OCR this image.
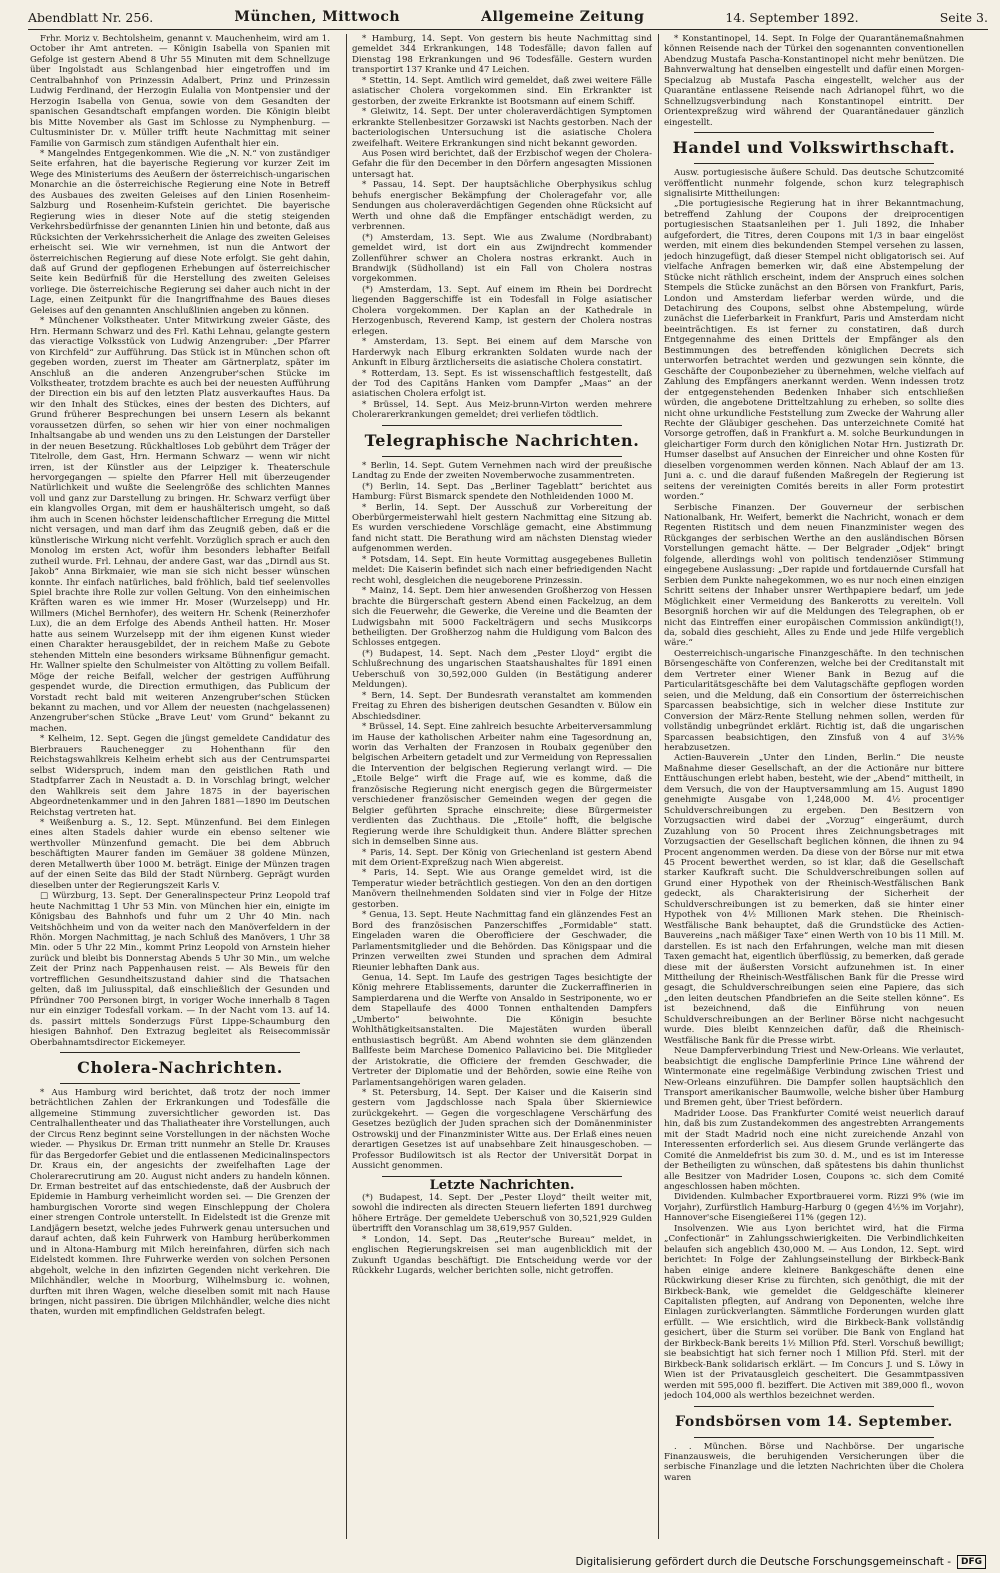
Abendblatt Nr. 256.	München, Mittwoch	Allgemeine Zeitung	14. September 1892.	Seite 3.

Frhr. Moriz v. Bechtolsheim, genannt v. Mauchenheim, wird am 1. October ihr Amt antreten. — Königin Isabella von Spanien mit Gefolge ist gestern Abend 8 Uhr 55 Minuten mit dem Schnellzuge über Ingolstadt aus Schlangenbad hier eingetroffen und im Centralbahnhof von Prinzessin Adalbert, Prinz und Prinzessin Ludwig Ferdinand, der Herzogin Eulalia von Montpensier und der Herzogin Isabella von Genua, sowie von dem Gesandten der spanischen Gesandtschaft empfangen worden. Die Königin bleibt bis Mitte November als Gast im Schlosse zu Nymphenburg. — Cultusminister Dr. v. Müller trifft heute Nachmittag mit seiner Familie von Garmisch zum ständigen Aufenthalt hier ein.

* Mangelndes Entgegenkommen. Wie die „N. N.“ von zuständiger Seite erfahren, hat die bayerische Regierung vor kurzer Zeit im Wege des Ministeriums des Aeußern der österreichisch-ungarischen Monarchie an die österreichische Regierung eine Note in Betreff des Ausbaues des zweiten Geleises auf den Linien Rosenheim-Salzburg und Rosenheim-Kufstein gerichtet. Die bayerische Regierung wies in dieser Note auf die stetig steigenden Verkehrsbedürfnisse der genannten Linien hin und betonte, daß aus Rücksichten der Verkehrssicherheit die Anlage des zweiten Geleises erheischt sei. Wie wir vernehmen, ist nun die Antwort der österreichischen Regierung auf diese Note erfolgt. Sie geht dahin, daß auf Grund der gepflogenen Erhebungen auf österreichischer Seite kein Bedürfniß für die Herstellung des zweiten Geleises vorliege. Die österreichische Regierung sei daher auch nicht in der Lage, einen Zeitpunkt für die Inangriffnahme des Baues dieses Geleises auf den genannten Anschlußlinien angeben zu können.

* Münchener Volkstheater. Unter Mitwirkung zweier Gäste, des Hrn. Hermann Schwarz und des Frl. Kathi Lehnau, gelangte gestern das vieractige Volksstück von Ludwig Anzengruber: „Der Pfarrer von Kirchfeld“ zur Aufführung. Das Stück ist in München schon oft gegeben worden, zuerst im Theater am Gärtnerplatz, später im Anschluß an die anderen Anzengruber'schen Stücke im Volkstheater, trotzdem brachte es auch bei der neuesten Aufführung der Direction ein bis auf den letzten Platz ausverkauftes Haus. Da wir den Inhalt des Stückes, eines der besten des Dichters, auf Grund früherer Besprechungen bei unsern Lesern als bekannt voraussetzen dürfen, so sehen wir hier von einer nochmaligen Inhaltsangabe ab und wenden uns zu den Leistungen der Darsteller in der neuen Besetzung. Rückhaltloses Lob gebührt dem Träger der Titelrolle, dem Gast, Hrn. Hermann Schwarz — wenn wir nicht irren, ist der Künstler aus der Leipziger k. Theaterschule hervorgegangen — spielte den Pfarrer Hell mit überzeugender Natürlichkeit und wußte die Seelengröße des schlichten Mannes voll und ganz zur Darstellung zu bringen. Hr. Schwarz verfügt über ein klangvolles Organ, mit dem er haushälterisch umgeht, so daß ihm auch in Scenen höchster leidenschaftlicher Erregung die Mittel nicht versagen, und man darf ihm das Zeugniß geben, daß er die künstlerische Wirkung nicht verfehlt. Vorzüglich sprach er auch den Monolog im ersten Act, wofür ihm besonders lebhafter Beifall zutheil wurde. Frl. Lehnau, der andere Gast, war das „Dirndl aus St. Jakob“ Anna Birkmaier, wie man sie sich nicht besser wünschen konnte. Ihr einfach natürliches, bald fröhlich, bald tief seelenvolles Spiel brachte ihre Rolle zur vollen Geltung. Von den einheimischen Kräften waren es wie immer Hr. Moser (Wurzelsepp) und Hr. Willmers (Michel Bernhofer), des weitern Hr. Schenk (Reinerzhofer Lux), die an dem Erfolge des Abends Antheil hatten. Hr. Moser hatte aus seinem Wurzelsepp mit der ihm eigenen Kunst wieder einen Charakter herausgebildet, der in reichem Maße zu Gebote stehenden Mitteln eine besonders wirksame Bühnenfigur gemacht. Hr. Wallner spielte den Schulmeister von Altötting zu vollem Beifall. Möge der reiche Beifall, welcher der gestrigen Aufführung gespendet wurde, die Direction ermuthigen, das Publicum der Vorstadt recht bald mit weiteren Anzengruber'schen Stücken bekannt zu machen, und vor Allem der neuesten (nachgelassenen) Anzengruber'schen Stücke „Brave Leut' vom Grund“ bekannt zu machen.

* Kelheim, 12. Sept. Gegen die jüngst gemeldete Candidatur des Bierbrauers Rauchenegger zu Hohenthann für den Reichstagswahlkreis Kelheim erhebt sich aus der Centrumspartei selbst Widerspruch, indem man den geistlichen Rath und Stadtpfarrer Zach in Neustadt a. D. in Vorschlag bringt, welcher den Wahlkreis seit dem Jahre 1875 in der bayerischen Abgeordnetenkammer und in den Jahren 1881—1890 im Deutschen Reichstag vertreten hat.

* Weißenburg a. S., 12. Sept. Münzenfund. Bei dem Einlegen eines alten Stadels dahier wurde ein ebenso seltener wie werthvoller Münzenfund gemacht. Die bei dem Abbruch beschäftigten Maurer fanden im Gemäuer 38 goldene Münzen, deren Metallwerth über 1000 M. beträgt. Einige der Münzen tragen auf der einen Seite das Bild der Stadt Nürnberg. Geprägt wurden dieselben unter der Regierungszeit Karls V.

□ Würzburg, 13. Sept. Der Generalinspecteur Prinz Leopold traf heute Nachmittag 1 Uhr 53 Min. von München hier ein, einigte im Königsbau des Bahnhofs und fuhr um 2 Uhr 40 Min. nach Veitshöchheim und von da weiter nach den Manöverfeldern in der Rhön. Morgen Nachmittag, je nach Schluß des Manövers, 1 Uhr 38 Min. oder 5 Uhr 22 Min., kommt Prinz Leopold von Arnstein hieher zurück und bleibt bis Donnerstag Abends 5 Uhr 30 Min., um welche Zeit der Prinz nach Pappenhausen reist. — Als Beweis für den vortrefflichen Gesundheitszustand dahier sind die Thatsachen gelten, daß im Juliusspital, daß einschließlich der Gesunden und Pfründner 700 Personen birgt, in voriger Woche innerhalb 8 Tagen nur ein einziger Todesfall vorkam. — In der Nacht vom 13. auf 14. ds. passirt mittels Sonderzugs Fürst Lippe-Schaumburg den hiesigen Bahnhof. Den Extrazug begleitet als Reisecommissär Oberbahnamtsdirector Eickemeyer.

Cholera-Nachrichten.

* Aus Hamburg wird berichtet, daß trotz der noch immer beträchtlichen Zahlen der Erkrankungen und Todesfälle die allgemeine Stimmung zuversichtlicher geworden ist. Das Centralhallentheater und das Thaliatheater ihre Vorstellungen, auch der Circus Renz beginnt seine Vorstellungen in der nächsten Woche wieder. — Physikus Dr. Erman tritt nunmehr an Stelle Dr. Krauses für das Bergedorfer Gebiet und die entlassenen Medicinalinspectors Dr. Kraus ein, der angesichts der zweifelhaften Lage der Cholerarecrutirung am 20. August nicht anders zu handeln können. Dr. Erman bestreitet auf das entschiedenste, daß der Ausbruch der Epidemie in Hamburg verheimlicht worden sei. — Die Grenzen der hamburgischen Vororte sind wegen Einschleppung der Cholera einer strengen Controle unterstellt. In Eidelstedt ist die Grenze mit Landjägern besetzt, welche jedes Fuhrwerk genau untersuchen und darauf achten, daß kein Fuhrwerk von Hamburg herüberkommen und in Altona-Hamburg mit Milch hereinfahren, dürfen sich nach Eidelstedt kommen. Ihre Fuhrwerke werden von solchen Personen abgeholt, welche in den infizirten Gegenden nicht verkehren. Die Milchhändler, welche in Moorburg, Wilhelmsburg ic. wohnen, durften mit ihren Wagen, welche dieselben somit mit nach Hause bringen, nicht passiren. Die übrigen Milchhändler, welche dies nicht thaten, wurden mit empfindlichen Geldstrafen belegt.

* Hamburg, 14. Sept. Von gestern bis heute Nachmittag sind gemeldet 344 Erkrankungen, 148 Todesfälle; davon fallen auf Dienstag 198 Erkrankungen und 96 Todesfälle. Gestern wurden transportirt 137 Kranke und 47 Leichen.

* Stettin, 14. Sept. Amtlich wird gemeldet, daß zwei weitere Fälle asiatischer Cholera vorgekommen sind. Ein Erkrankter ist gestorben, der zweite Erkrankte ist Bootsmann auf einem Schiff.

* Gleiwitz, 14. Sept. Der unter choleraverdächtigen Symptomen erkrankte Stellenbesitzer Gorzawski ist Nachts gestorben. Nach der bacteriologischen Untersuchung ist die asiatische Cholera zweifelhaft. Weitere Erkrankungen sind nicht bekannt geworden.

Aus Posen wird berichtet, daß der Erzbischof wegen der Cholera-Gefahr die für den December in den Dörfern angesagten Missionen untersagt hat.

* Passau, 14. Sept. Der hauptsächliche Oberphysikus schlug behufs energischer Bekämpfung der Choleragefahr vor, alle Sendungen aus choleraverdächtigen Gegenden ohne Rücksicht auf Werth und ohne daß die Empfänger entschädigt werden, zu verbrennen.

(*) Amsterdam, 13. Sept. Wie aus Zwalume (Nordbrabant) gemeldet wird, ist dort ein aus Zwijndrecht kommender Zollenführer schwer an Cholera nostras erkrankt. Auch in Brandwijk (Südholland) ist ein Fall von Cholera nostras vorgekommen.

(*) Amsterdam, 13. Sept. Auf einem im Rhein bei Dordrecht liegenden Baggerschiffe ist ein Todesfall in Folge asiatischer Cholera vorgekommen. Der Kaplan an der Kathedrale in Herzogenbusch, Reverend Kamp, ist gestern der Cholera nostras erlegen.

* Amsterdam, 13. Sept. Bei einem auf dem Marsche von Harderwyk nach Elburg erkrankten Soldaten wurde nach der Ankunft in Elburg ärztlicherseits die asiatische Cholera constatirt.

* Rotterdam, 13. Sept. Es ist wissenschaftlich festgestellt, daß der Tod des Capitäns Hanken vom Dampfer „Maas“ an der asiatischen Cholera erfolgt ist.

* Brüssel, 14. Sept. Aus Meiz-brunn-Virton werden mehrere Cholerarerkrankungen gemeldet; drei verliefen tödtlich.

Telegraphische Nachrichten.

* Berlin, 14. Sept. Gutem Vernehmen nach wird der preußische Landtag zu Ende der zweiten Novemberwoche zusammentreten.

(*) Berlin, 14. Sept. Das „Berliner Tageblatt“ berichtet aus Hamburg: Fürst Bismarck spendete den Nothleidenden 1000 M.

* Berlin, 14. Sept. Der Ausschuß zur Vorbereitung der Oberbürgermeisterwahl hielt gestern Nachmittag eine Sitzung ab. Es wurden verschiedene Vorschläge gemacht, eine Abstimmung fand nicht statt. Die Berathung wird am nächsten Dienstag wieder aufgenommen werden.

* Potsdam, 14. Sept. Ein heute Vormittag ausgegebenes Bulletin meldet: Die Kaiserin befindet sich nach einer befriedigenden Nacht recht wohl, desgleichen die neugeborene Prinzessin.

* Mainz, 14. Sept. Dem hier anwesenden Großherzog von Hessen brachte die Bürgerschaft gestern Abend einen Fackelzug, an dem sich die Feuerwehr, die Gewerke, die Vereine und die Beamten der Ludwigsbahn mit 5000 Fackelträgern und sechs Musikcorps betheiligten. Der Großherzog nahm die Huldigung vom Balcon des Schlosses entgegen.

(*) Budapest, 14. Sept. Nach dem „Pester Lloyd“ ergibt die Schlußrechnung des ungarischen Staatshaushaltes für 1891 einen Ueberschuß von 30,592,000 Gulden (in Bestätigung anderer Meldungen).

* Bern, 14. Sept. Der Bundesrath veranstaltet am kommenden Freitag zu Ehren des bisherigen deutschen Gesandten v. Bülow ein Abschiedsdiner.

* Brüssel, 14. Sept. Eine zahlreich besuchte Arbeiterversammlung im Hause der katholischen Arbeiter nahm eine Tagesordnung an, worin das Verhalten der Franzosen in Roubaix gegenüber den belgischen Arbeitern getadelt und zur Vermeidung von Repressalien die Intervention der belgischen Regierung verlangt wird. — Die „Etoile Belge“ wirft die Frage auf, wie es komme, daß die französische Regierung nicht energisch gegen die Bürgermeister verschiedener französischer Gemeinden wegen der gegen die Belgier geführten Sprache einschreite; diese Bürgermeister verdienten das Zuchthaus. Die „Etoile“ hofft, die belgische Regierung werde ihre Schuldigkeit thun. Andere Blätter sprechen sich in demselben Sinne aus.

* Paris, 14. Sept. Der König von Griechenland ist gestern Abend mit dem Orient-Expreßzug nach Wien abgereist.

* Paris, 14. Sept. Wie aus Orange gemeldet wird, ist die Temperatur wieder beträchtlich gestiegen. Von den an den dortigen Manövern theilnehmenden Soldaten sind vier in Folge der Hitze gestorben.

* Genua, 13. Sept. Heute Nachmittag fand ein glänzendes Fest an Bord des französischen Panzerschiffes „Formidable“ statt. Eingeladen waren die Oberofficiere der Geschwader, die Parlamentsmitglieder und die Behörden. Das Königspaar und die Prinzen verweilten zwei Stunden und sprachen dem Admiral Rieunier lebhaften Dank aus.

Genua, 14. Sept. Im Laufe des gestrigen Tages besichtigte der König mehrere Etablissements, darunter die Zuckerraffinerien in Sampierdarena und die Werfte von Ansaldo in Sestriponente, wo er dem Stapellaufe des 4000 Tonnen enthaltenden Dampfers „Umberto“ beiwohnte. Die Königin besuchte Wohlthätigkeitsanstalten. Die Majestäten wurden überall enthusiastisch begrüßt. Am Abend wohnten sie dem glänzenden Ballfeste beim Marchese Domenico Pallavicino bei. Die Mitglieder der Aristokratie, die Officiere der fremden Geschwader, die Vertreter der Diplomatie und der Behörden, sowie eine Reihe von Parlamentsangehörigen waren geladen.

* St. Petersburg, 14. Sept. Der Kaiser und die Kaiserin sind gestern vom Jagdschlosse nach Spala über Skierniewice zurückgekehrt. — Gegen die vorgeschlagene Verschärfung des Gesetzes bezüglich der Juden sprachen sich der Domänenminister Ostrowskij und der Finanzminister Witte aus. Der Erlaß eines neuen derartigen Gesetzes ist auf unabsehbare Zeit hinausgeschoben. — Professor Budilowitsch ist als Rector der Universität Dorpat in Aussicht genommen.

Letzte Nachrichten.

(*) Budapest, 14. Sept. Der „Pester Lloyd“ theilt weiter mit, sowohl die indirecten als directen Steuern lieferten 1891 durchweg höhere Erträge. Der gemeldete Ueberschuß von 30,521,929 Gulden übertrifft den Voranschlag um 38,619,957 Gulden.

* London, 14. Sept. Das „Reuter'sche Bureau“ meldet, in englischen Regierungskreisen sei man augenblicklich mit der Zukunft Ugandas beschäftigt. Die Entscheidung werde vor der Rückkehr Lugards, welcher berichten solle, nicht getroffen.

* Konstantinopel, 14. Sept. In Folge der Quarantänemaßnahmen können Reisende nach der Türkei den sogenannten conventionellen Abendzug Mustafa Pascha-Konstantinopel nicht mehr benützen. Die Bahnverwaltung hat denselben eingestellt und dafür einen Morgen-Specialzug ab Mustafa Pascha eingestellt, welcher aus der Quarantäne entlassene Reisende nach Adrianopel führt, wo die Schnellzugsverbindung nach Konstantinopel eintritt. Der Orientexpreßzug wird während der Quarantänedauer gänzlich eingestellt.

Handel und Volkswirthschaft.

Ausw. portugiesische äußere Schuld. Das deutsche Schutzcomité veröffentlicht nunmehr folgende, schon kurz telegraphisch signalisirte Mittheilungen:

„Die portugiesische Regierung hat in ihrer Bekanntmachung, betreffend Zahlung der Coupons der dreiprocentigen portugiesischen Staatsanleihen per 1. Juli 1892, die Inhaber aufgefordert, die Titres, deren Coupons mit 1/3 in baar eingelöst werden, mit einem dies bekundenden Stempel versehen zu lassen, jedoch hinzugefügt, daß dieser Stempel nicht obligatorisch sei. Auf vielfache Anfragen bemerken wir, daß eine Abstempelung der Stücke nicht räthlich erscheint, indem der Anspruch eines solchen Stempels die Stücke zunächst an den Börsen von Frankfurt, Paris, London und Amsterdam lieferbar werden würde, und die Detachirung des Coupons, selbst ohne Abstempelung, würde zunächst die Lieferbarkeit in Frankfurt, Paris und Amsterdam nicht beeinträchtigen. Es ist ferner zu constatiren, daß durch Entgegennahme des einen Drittels der Empfänger als den Bestimmungen des betreffenden königlichen Decrets sich unterworfen betrachtet werden und gezwungen sein könnte, die Geschäfte der Couponbezieher zu übernehmen, welche vielfach auf Zahlung des Empfängers anerkannt werden. Wenn indessen trotz der entgegenstehenden Bedenken Inhaber sich entschließen würden, die angebotene Dritteltzahlung zu erheben, so sollte dies nicht ohne urkundliche Feststellung zum Zwecke der Wahrung aller Rechte der Gläubiger geschehen. Das unterzeichnete Comité hat Vorsorge getroffen, daß in Frankfurt a. M. solche Beurkundungen in gleichartiger Form durch den königlichen Notar Hrn. Justizrath Dr. Humser daselbst auf Ansuchen der Einreicher und ohne Kosten für dieselben vorgenommen werden können. Nach Ablauf der am 13. Juni a. c. und die darauf fußenden Maßregeln der Regierung ist seitens der vereinigten Comités bereits in aller Form protestirt worden.“

Serbische Finanzen. Der Gouverneur der serbischen Nationalbank, Hr. Weifert, bemerkt die Nachricht, wonach er dem Regenten Ristitsch und dem neuen Finanzminister wegen des Rückganges der serbischen Werthe an den ausländischen Börsen Vorstellungen gemacht hätte. — Der Belgrader „Odjek“ bringt folgende, allerdings wohl von politisch tendenziöser Stimmung eingegebene Auslassung: „Der rapide und fortdauernde Cursfall hat Serbien dem Punkte nahegekommen, wo es nur noch einen einzigen Schritt seitens der Inhaber unsrer Werthpapiere bedarf, um jede Möglichkeit einer Vermeidung des Bankerotts zu vereiteln. Voll Besorgniß horchen wir auf die Meldungen des Telegraphen, ob er nicht das Eintreffen einer europäischen Commission ankündigt(!), da, sobald dies geschieht, Alles zu Ende und jede Hilfe vergeblich wäre.“

Oesterreichisch-ungarische Finanzgeschäfte. In den technischen Börsengeschäfte von Conferenzen, welche bei der Creditanstalt mit dem Vertreter einer Wiener Bank in Bezug auf die Particularitätsgeschäfte bei dem Valutagschäfte gepflogen worden seien, und die Meldung, daß ein Consortium der österreichischen Sparcassen beabsichtige, sich in welcher diese Institute zur Conversion der März-Rente Stellung nehmen sollen, werden für vollständig unbegründet erklärt. Richtig ist, daß die ungarischen Sparcassen beabsichtigen, den Zinsfuß von 4 auf 3½% herabzusetzen.

Actien-Bauverein „Unter den Linden, Berlin.“ Die neuste Maßnahme dieser Gesellschaft, an der die Actionäre nur bittere Enttäuschungen erlebt haben, besteht, wie der „Abend“ mittheilt, in dem Versuch, die von der Hauptversammlung am 15. August 1890 genehmigte Ausgabe von 1,248,000 M. 4½ procentiger Schuldverschreibungen zu ergeben. Den Besitzern von Vorzugsactien wird dabei der „Vorzug“ eingeräumt, durch Zuzahlung von 50 Procent ihres Zeichnungsbetrages mit Vorzugsactien der Gesellschaft beglichen können, die ihnen zu 94 Procent angenommen werden. Da diese von der Börse nur mit etwa 45 Procent bewerthet werden, so ist klar, daß die Gesellschaft starker Kaufkraft sucht. Die Schuldverschreibungen sollen auf Grund einer Hypothek von der Rheinisch-Westfälischen Bank gedeckt, als Charakterisirung der Sicherheit der Schuldverschreibungen ist zu bemerken, daß sie hinter einer Hypothek von 4½ Millionen Mark stehen. Die Rheinisch-Westfälische Bank behauptet, daß die Grundstücke des Actien-Bauvereins „nach mäßiger Taxe“ einen Werth von 10 bis 11 Mill. M. darstellen. Es ist nach den Erfahrungen, welche man mit diesen Taxen gemacht hat, eigentlich überflüssig, zu bemerken, daß gerade diese mit der äußersten Vorsicht aufzunehmen ist. In einer Mittheilung der Rheinisch-Westfälischen Bank für die Presse wird gesagt, die Schuldverschreibungen seien eine Papiere, das sich „den leiten deutschen Pfandbriefen an die Seite stellen könne“. Es ist bezeichnend, daß die Einführung von neuen Schuldverschreibungen an der Berliner Börse nicht nachgesucht wurde. Dies bleibt Kennzeichen dafür, daß die Rheinisch-Westfälische Bank für die Presse wirbt.

Neue Dampferverbindung Triest und New-Orleans. Wie verlautet, beabsichtigt die englische Dampferlinie Prince Line während der Wintermonate eine regelmäßige Verbindung zwischen Triest und New-Orleans einzuführen. Die Dampfer sollen hauptsächlich den Transport amerikanischer Baumwolle, welche bisher über Hamburg und Bremen geht, über Triest befördern.

Madrider Loose. Das Frankfurter Comité weist neuerlich darauf hin, daß bis zum Zustandekommen des angestrebten Arrangements mit der Stadt Madrid noch eine nicht zureichende Anzahl von Interessenten erforderlich sei. Aus diesem Grunde verlängerte das Comité die Anmeldefrist bis zum 30. d. M., und es ist im Interesse der Betheiligten zu wünschen, daß spätestens bis dahin thunlichst alle Besitzer von Madrider Losen, Coupons ꝛc. sich dem Comité angeschlossen haben möchten.

Dividenden. Kulmbacher Exportbrauerei vorm. Rizzi 9% (wie im Vorjahr), Zurfürstlich Hamburg-Harburg 0 (gegen 4½% im Vorjahr), Hannover'sche Eisengießerei 11% (gegen 12).

Insolvenzen. Wie aus Lyon berichtet wird, hat die Firma „Confectionär“ in Zahlungsschwierigkeiten. Die Verbindlichkeiten belaufen sich angeblich 430,000 M. — Aus London, 12. Sept. wird berichtet: In Folge der Zahlungseinstellung der Birkbeck-Bank haben einige andere kleinere Bankgeschäfte denen eine Rückwirkung dieser Krise zu fürchten, sich genöthigt, die mit der Birkbeck-Bank, wie gemeldet die Geldgeschäfte kleinerer Capitalisten pflegten, auf Andrang von Deponenten, welche ihre Einlagen zurückverlangten. Sämmtliche Forderungen wurden glatt erfüllt. — Wie ersichtlich, wird die Birkbeck-Bank vollständig gesichert, über die Sturm sei vorüber. Die Bank von England hat der Birkbeck-Bank bereits 1½ Million Pfd. Sterl. Vorschuß bewilligt; sie beabsichtigt hat sich ferner noch 1 Million Pfd. Sterl. mit der Birkbeck-Bank solidarisch erklärt. — Im Concurs J. und S. Löwy in Wien ist der Privatausgleich gescheitert. Die Gesammtpassiven werden mit 595,000 fl. beziffert. Die Activen mit 389,000 fl., wovon jedoch 104,000 als werthlos bezeichnet werden.

Fondsbörsen vom 14. September.

. . München. Börse und Nachbörse. Der ungarische Finanzausweis, die beruhigenden Versicherungen über die serbische Finanzlage und die letzten Nachrichten über die Cholera waren

Digitalisierung gefördert durch die Deutsche Forschungsgemeinschaft -	DFG
